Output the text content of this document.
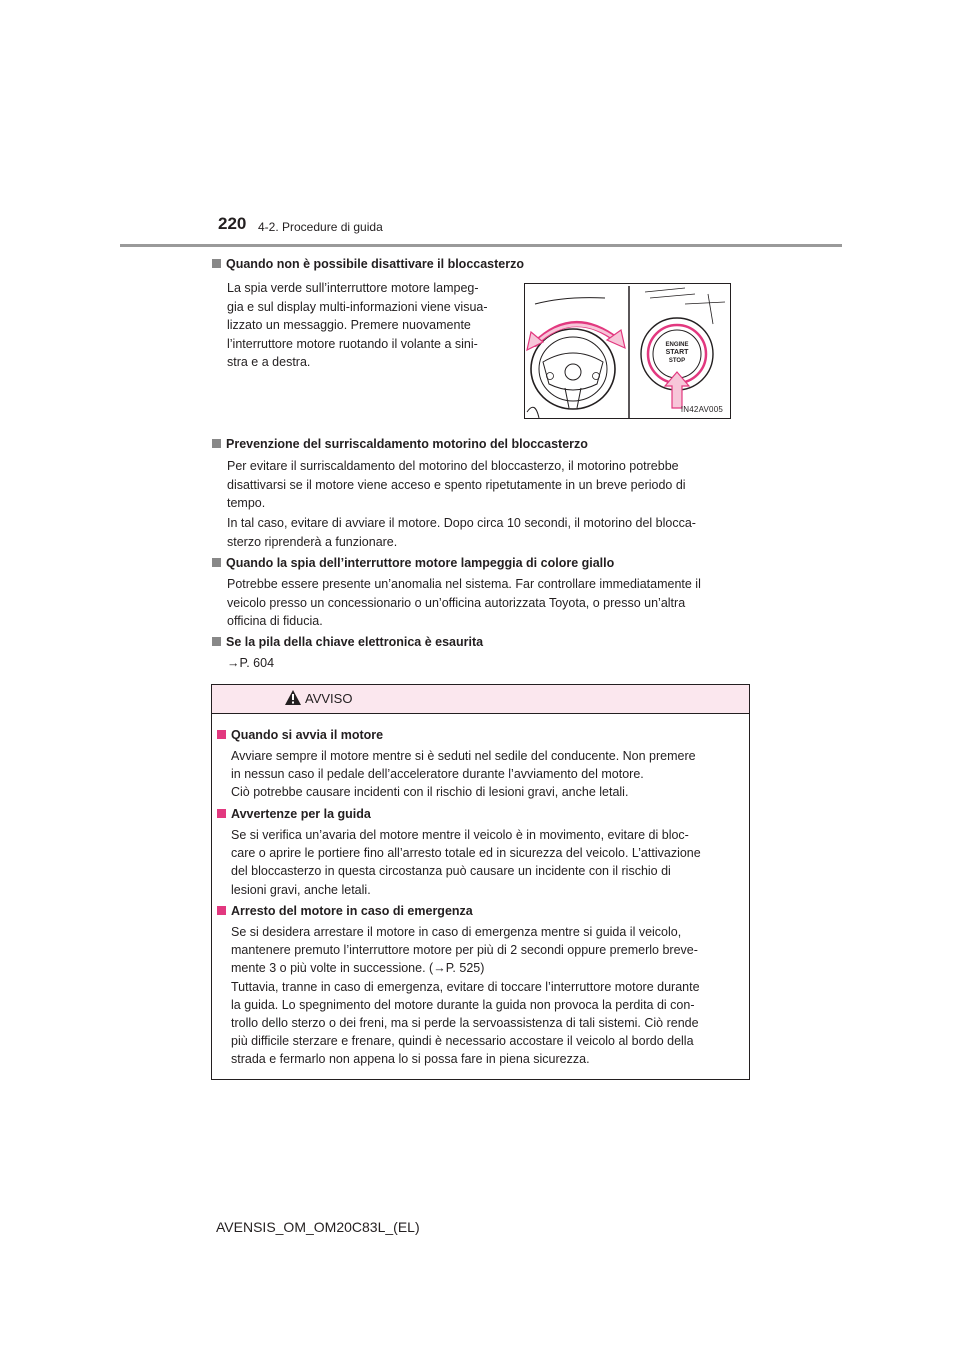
220 4-2. Procedure di guida
Quando non è possibile disattivare il bloccasterzo
La spia verde sull’interruttore motore lampeg-
gia e sul display multi-informazioni viene visua-
lizzato un messaggio. Premere nuovamente
l’interruttore motore ruotando il volante a sini-
stra e a destra.
ENGINE
START
STOP
IN42AV005
Prevenzione del surriscaldamento motorino del bloccasterzo
Per evitare il surriscaldamento del motorino del bloccasterzo, il motorino potrebbe
disattivarsi se il motore viene acceso e spento ripetutamente in un breve periodo di
tempo.
In tal caso, evitare di avviare il motore. Dopo circa 10 secondi, il motorino del blocca-
sterzo riprenderà a funzionare.
Quando la spia dell’interruttore motore lampeggia di colore giallo
Potrebbe essere presente un’anomalia nel sistema. Far controllare immediatamente il
veicolo presso un concessionario o un’officina autorizzata Toyota, o presso un’altra
officina di fiducia.
Se la pila della chiave elettronica è esaurita
→P. 604
AVVISO
Quando si avvia il motore
Avviare sempre il motore mentre si è seduti nel sedile del conducente. Non premere
in nessun caso il pedale dell’acceleratore durante l’avviamento del motore.
Ciò potrebbe causare incidenti con il rischio di lesioni gravi, anche letali.
Avvertenze per la guida
Se si verifica un’avaria del motore mentre il veicolo è in movimento, evitare di bloc-
care o aprire le portiere fino all’arresto totale ed in sicurezza del veicolo. L’attivazione
del bloccasterzo in questa circostanza può causare un incidente con il rischio di
lesioni gravi, anche letali.
Arresto del motore in caso di emergenza
Se si desidera arrestare il motore in caso di emergenza mentre si guida il veicolo,
mantenere premuto l’interruttore motore per più di 2 secondi oppure premerlo breve-
mente 3 o più volte in successione. (→P. 525)
Tuttavia, tranne in caso di emergenza, evitare di toccare l’interruttore motore durante
la guida. Lo spegnimento del motore durante la guida non provoca la perdita di con-
trollo dello sterzo o dei freni, ma si perde la servoassistenza di tali sistemi. Ciò rende
più difficile sterzare e frenare, quindi è necessario accostare il veicolo al bordo della
strada e fermarlo non appena lo si possa fare in piena sicurezza.
AVENSIS_OM_OM20C83L_(EL)
